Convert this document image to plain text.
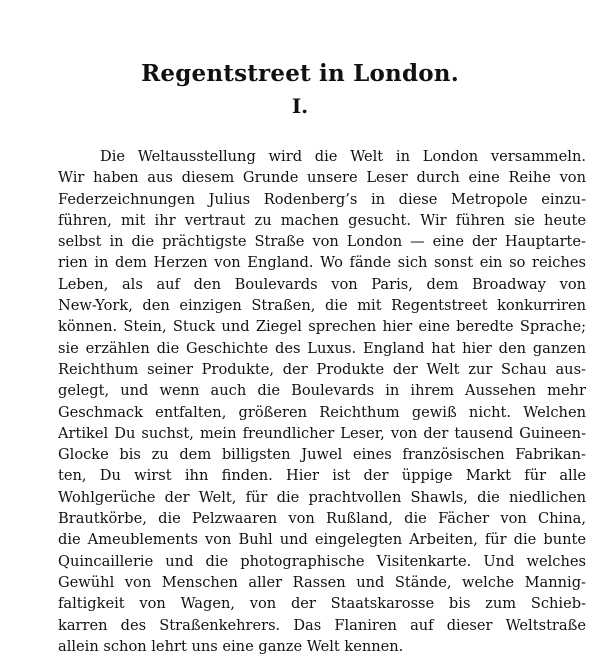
Regentstreet in London.
I.
Die Weltausstellung wird die Welt in London versammeln.
Wir haben aus diesem Grunde unsere Leser durch eine Reihe von
Federzeichnungen Julius Rodenberg’s in diese Metropole einzu-
führen, mit ihr vertraut zu machen gesucht. Wir führen sie heute
selbst in die prächtigste Straße von London — eine der Hauptarte-
rien in dem Herzen von England. Wo fände sich sonst ein so reiches
Leben, als auf den Boulevards von Paris, dem Broadway von
New-York, den einzigen Straßen, die mit Regentstreet konkurriren
können. Stein, Stuck und Ziegel sprechen hier eine beredte Sprache;
sie erzählen die Geschichte des Luxus. England hat hier den ganzen
Reichthum seiner Produkte, der Produkte der Welt zur Schau aus-
gelegt, und wenn auch die Boulevards in ihrem Aussehen mehr
Geschmack entfalten, größeren Reichthum gewiß nicht. Welchen
Artikel Du suchst, mein freundlicher Leser, von der tausend Guineen-
Glocke bis zu dem billigsten Juwel eines französischen Fabrikan-
ten, Du wirst ihn finden. Hier ist der üppige Markt für alle
Wohlgerüche der Welt, für die prachtvollen Shawls, die niedlichen
Brautkörbe, die Pelzwaaren von Rußland, die Fächer von China,
die Ameublements von Buhl und eingelegten Arbeiten, für die bunte
Quincaillerie und die photographische Visitenkarte. Und welches
Gewühl von Menschen aller Rassen und Stände, welche Mannig-
faltigkeit von Wagen, von der Staatskarosse bis zum Schieb-
karren des Straßenkehrers. Das Flaniren auf dieser Weltstraße
allein schon lehrt uns eine ganze Welt kennen.
